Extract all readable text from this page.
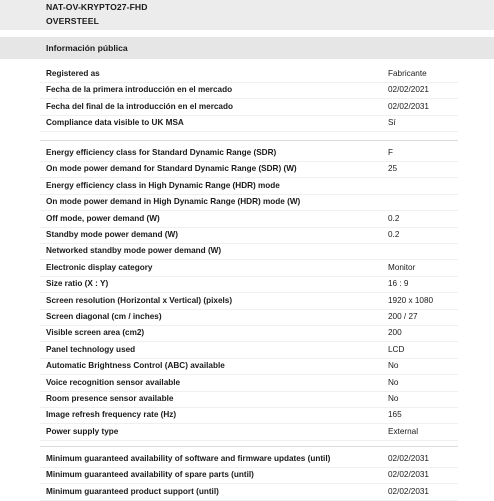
NAT-OV-KRYPTO27-FHD
OVERSTEEL
Información pública
Registered as	Fabricante
Fecha de la primera introducción en el mercado	02/02/2021
Fecha del final de la introducción en el mercado	02/02/2031
Compliance data visible to UK MSA	Sí
Energy efficiency class for Standard Dynamic Range (SDR)	F
On mode power demand for Standard Dynamic Range (SDR) (W)	25
Energy efficiency class in High Dynamic Range (HDR) mode
On mode power demand in High Dynamic Range (HDR) mode (W)
Off mode, power demand (W)	0.2
Standby mode power demand (W)	0.2
Networked standby mode power demand (W)
Electronic display category	Monitor
Size ratio (X : Y)	16 : 9
Screen resolution (Horizontal x Vertical) (pixels)	1920 x 1080
Screen diagonal (cm / inches)	200 / 27
Visible screen area (cm2)	200
Panel technology used	LCD
Automatic Brightness Control (ABC) available	No
Voice recognition sensor available	No
Room presence sensor available	No
Image refresh frequency rate (Hz)	165
Power supply type	External
Minimum guaranteed availability of software and firmware updates (until)	02/02/2031
Minimum guaranteed availability of spare parts (until)	02/02/2031
Minimum guaranteed product support (until)	02/02/2031
